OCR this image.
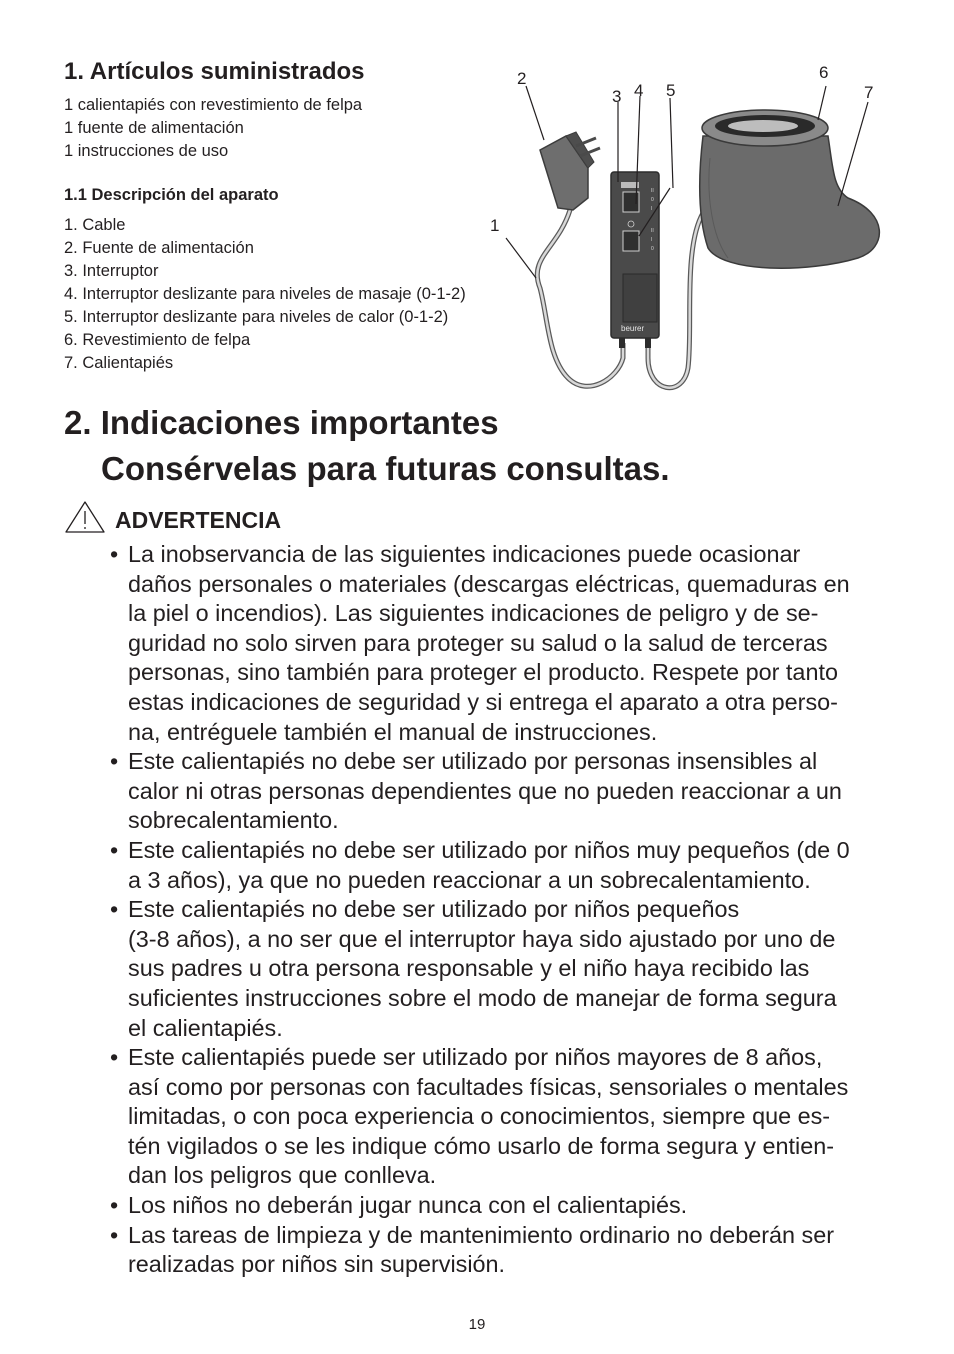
1. Artículos suministrados
1 calientapiés con revestimiento de felpa
1 fuente de alimentación
1 instrucciones de uso
1.1 Descripción del aparato
1. Cable
2. Fuente de alimentación
3. Interruptor
4. Interruptor deslizante para niveles de masaje (0-1-2)
5. Interruptor deslizante para niveles de calor (0-1-2)
6. Revestimiento de felpa
7. Calientapiés
II
0
I
II
I
0
beurer
2
1
3 4 5
6
7
2. Indicaciones importantes
Consérvelas para futuras consultas.
ADVERTENCIA
• La inobservancia de las siguientes indicaciones puede ocasionar
daños personales o materiales (descargas eléctricas, quemaduras en
la piel o incendios). Las siguientes indicaciones de peligro y de se-
guridad no solo sirven para proteger su salud o la salud de terceras
personas, sino también para proteger el producto. Respete por tanto
estas indicaciones de seguridad y si entrega el aparato a otra perso-
na, entréguele también el manual de instrucciones.
• Este calientapiés no debe ser utilizado por personas insensibles al
calor ni otras personas dependientes que no pueden reaccionar a un
sobrecalentamiento.
• Este calientapiés no debe ser utilizado por niños muy pequeños (de 0
a 3 años), ya que no pueden reaccionar a un sobrecalentamiento.
• Este calientapiés no debe ser utilizado por niños pequeños
(3-8 años), a no ser que el interruptor haya sido ajustado por uno de
sus padres u otra persona responsable y el niño haya recibido las
suficientes instrucciones sobre el modo de manejar de forma segura
el calientapiés.
• Este calientapiés puede ser utilizado por niños mayores de 8 años,
así como por personas con facultades físicas, sensoriales o mentales
limitadas, o con poca experiencia o conocimientos, siempre que es-
tén vigilados o se les indique cómo usarlo de forma segura y entien-
dan los peligros que conlleva.
• Los niños no deberán jugar nunca con el calientapiés.
• Las tareas de limpieza y de mantenimiento ordinario no deberán ser
realizadas por niños sin supervisión.
19
